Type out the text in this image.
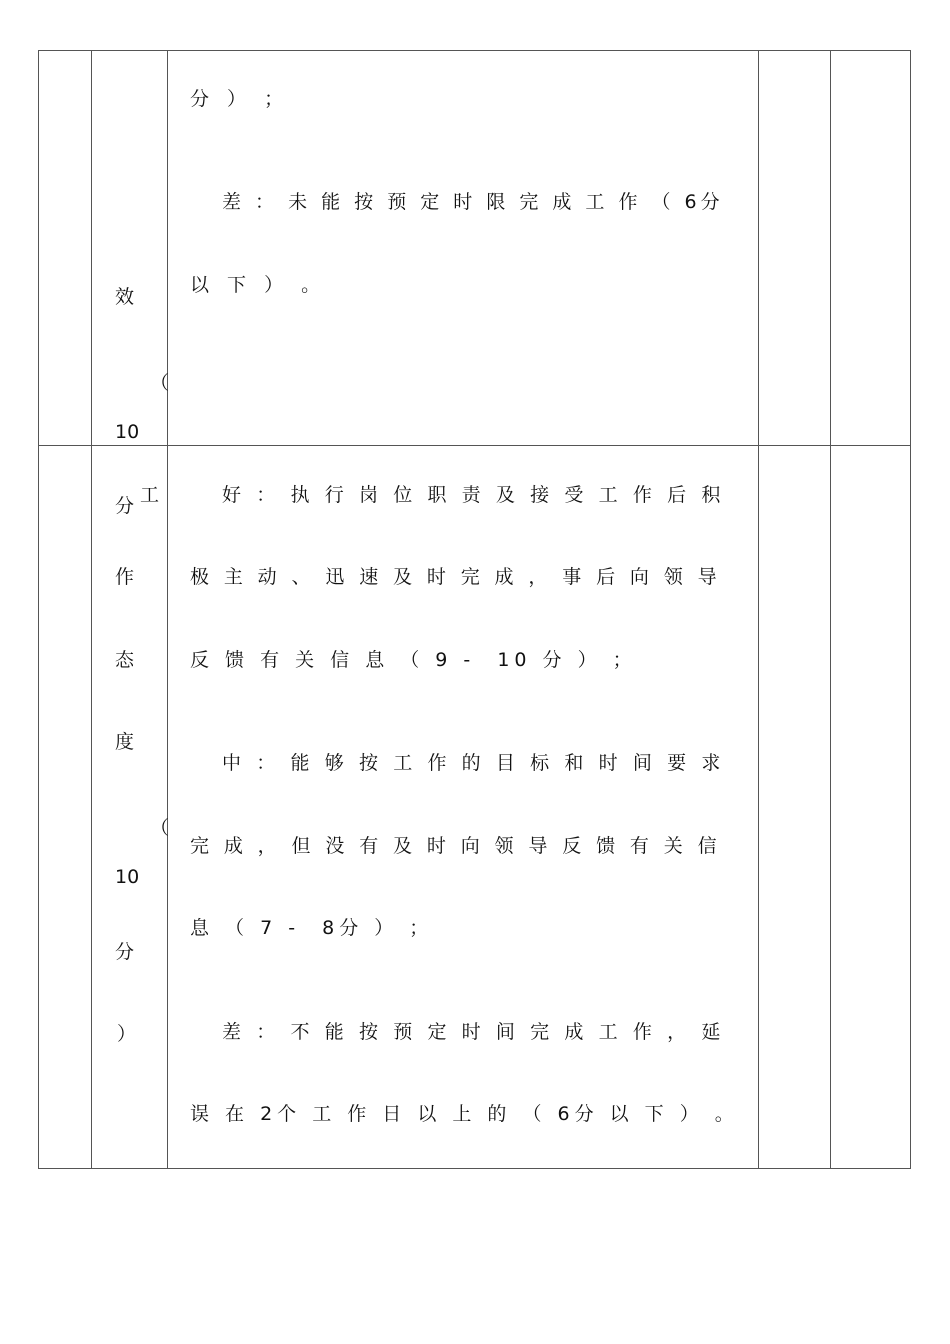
效
（
10
分 ） ；
差 ： 未 能 按 预 定 时 限 完 成 工 作 （ 6分
以 下 ） 。
分 工
作
态
度
（
10
分
）
好 ： 执 行 岗 位 职 责 及 接 受 工 作 后 积
极 主 动 、 迅 速 及 时 完 成 ， 事 后 向 领 导
反 馈 有 关 信 息 （ 9 -  10 分 ） ；
中 ： 能 够 按 工 作 的 目 标 和 时 间 要 求
完 成 ， 但 没 有 及 时 向 领 导 反 馈 有 关 信
息 （ 7 -  8分 ） ；
差 ： 不 能 按 预 定 时 间 完 成 工 作 ， 延
误 在 2个 工 作 日 以 上 的 （ 6分 以 下 ） 。
